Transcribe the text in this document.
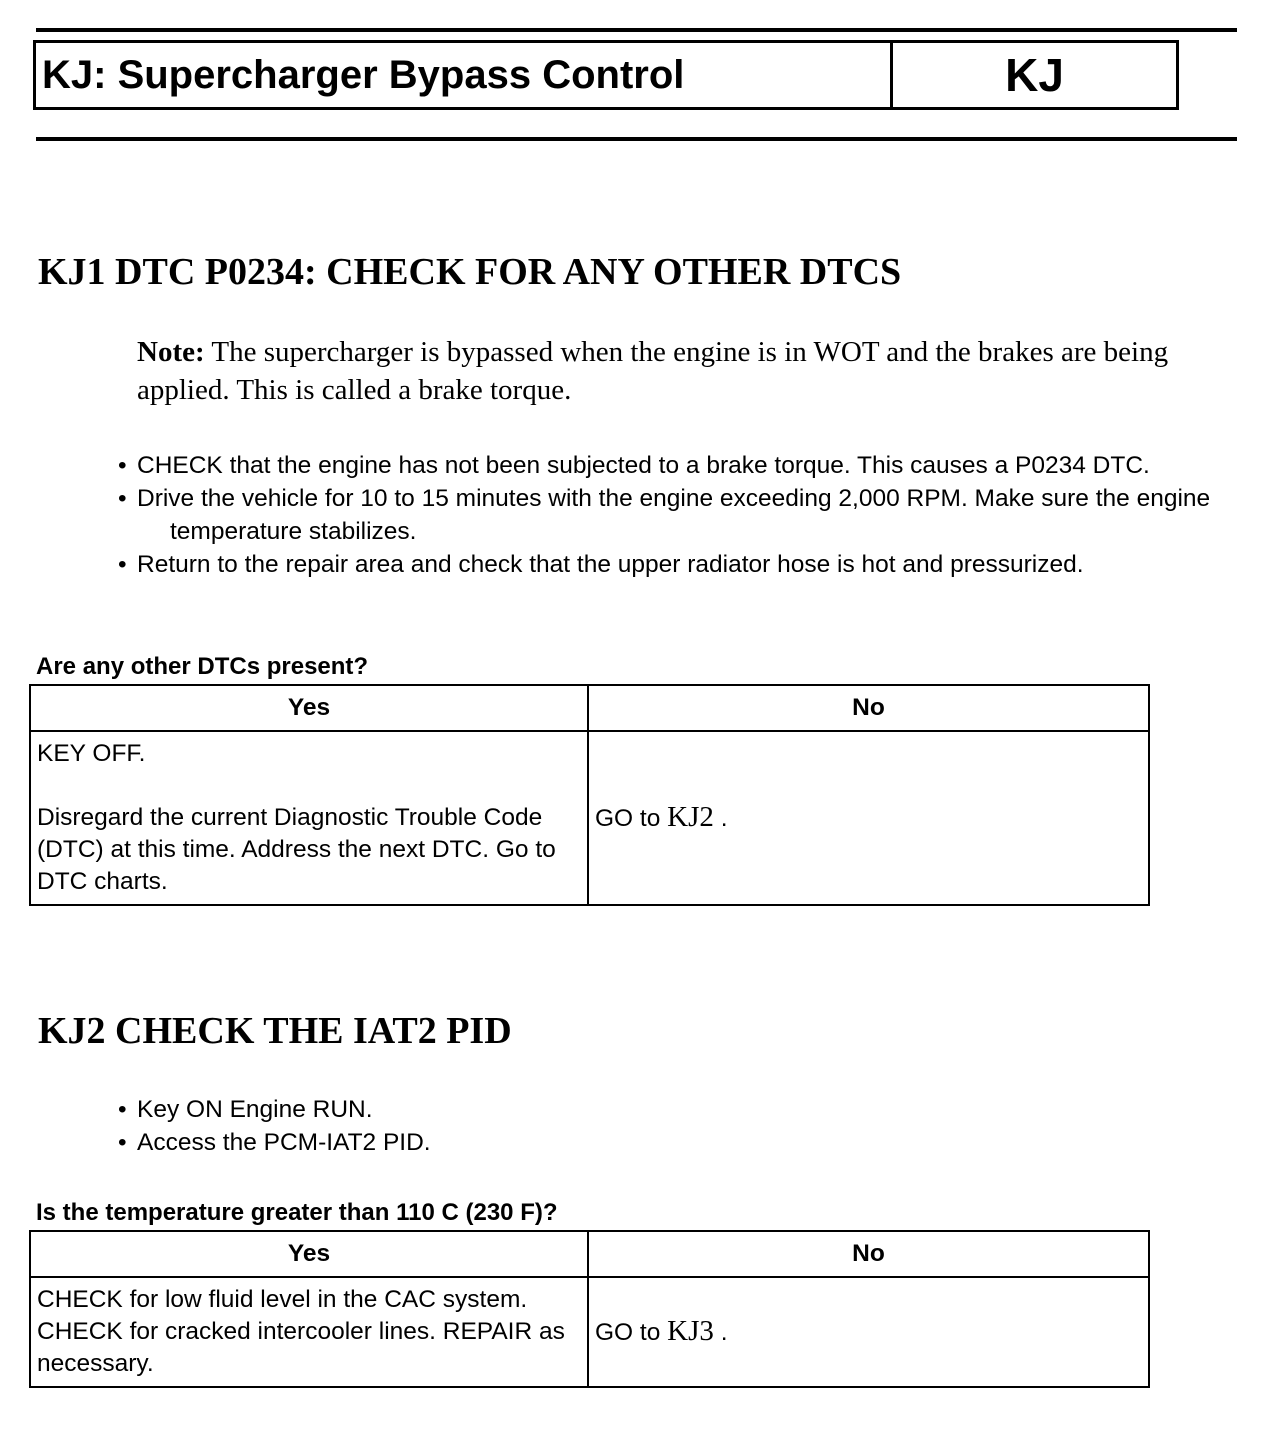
KJ: Supercharger Bypass Control	KJ
KJ1 DTC P0234: CHECK FOR ANY OTHER DTCS

Note: The supercharger is bypassed when the engine is in WOT and the brakes are being applied. This is called a brake torque.

• CHECK that the engine has not been subjected to a brake torque. This causes a P0234 DTC.
• Drive the vehicle for 10 to 15 minutes with the engine exceeding 2,000 RPM. Make sure the engine temperature stabilizes.
• Return to the repair area and check that the upper radiator hose is hot and pressurized.

Are any other DTCs present?

Yes	No

KEY OFF.

Disregard the current Diagnostic Trouble Code (DTC) at this time. Address the next DTC. Go to DTC charts.	GO to KJ2 .
KJ2 CHECK THE IAT2 PID
• Key ON Engine RUN.
• Access the PCM-IAT2 PID.

Is the temperature greater than 110 C (230 F)?

Yes	No

CHECK for low fluid level in the CAC system. CHECK for cracked intercooler lines. REPAIR as necessary.	GO to KJ3 .
